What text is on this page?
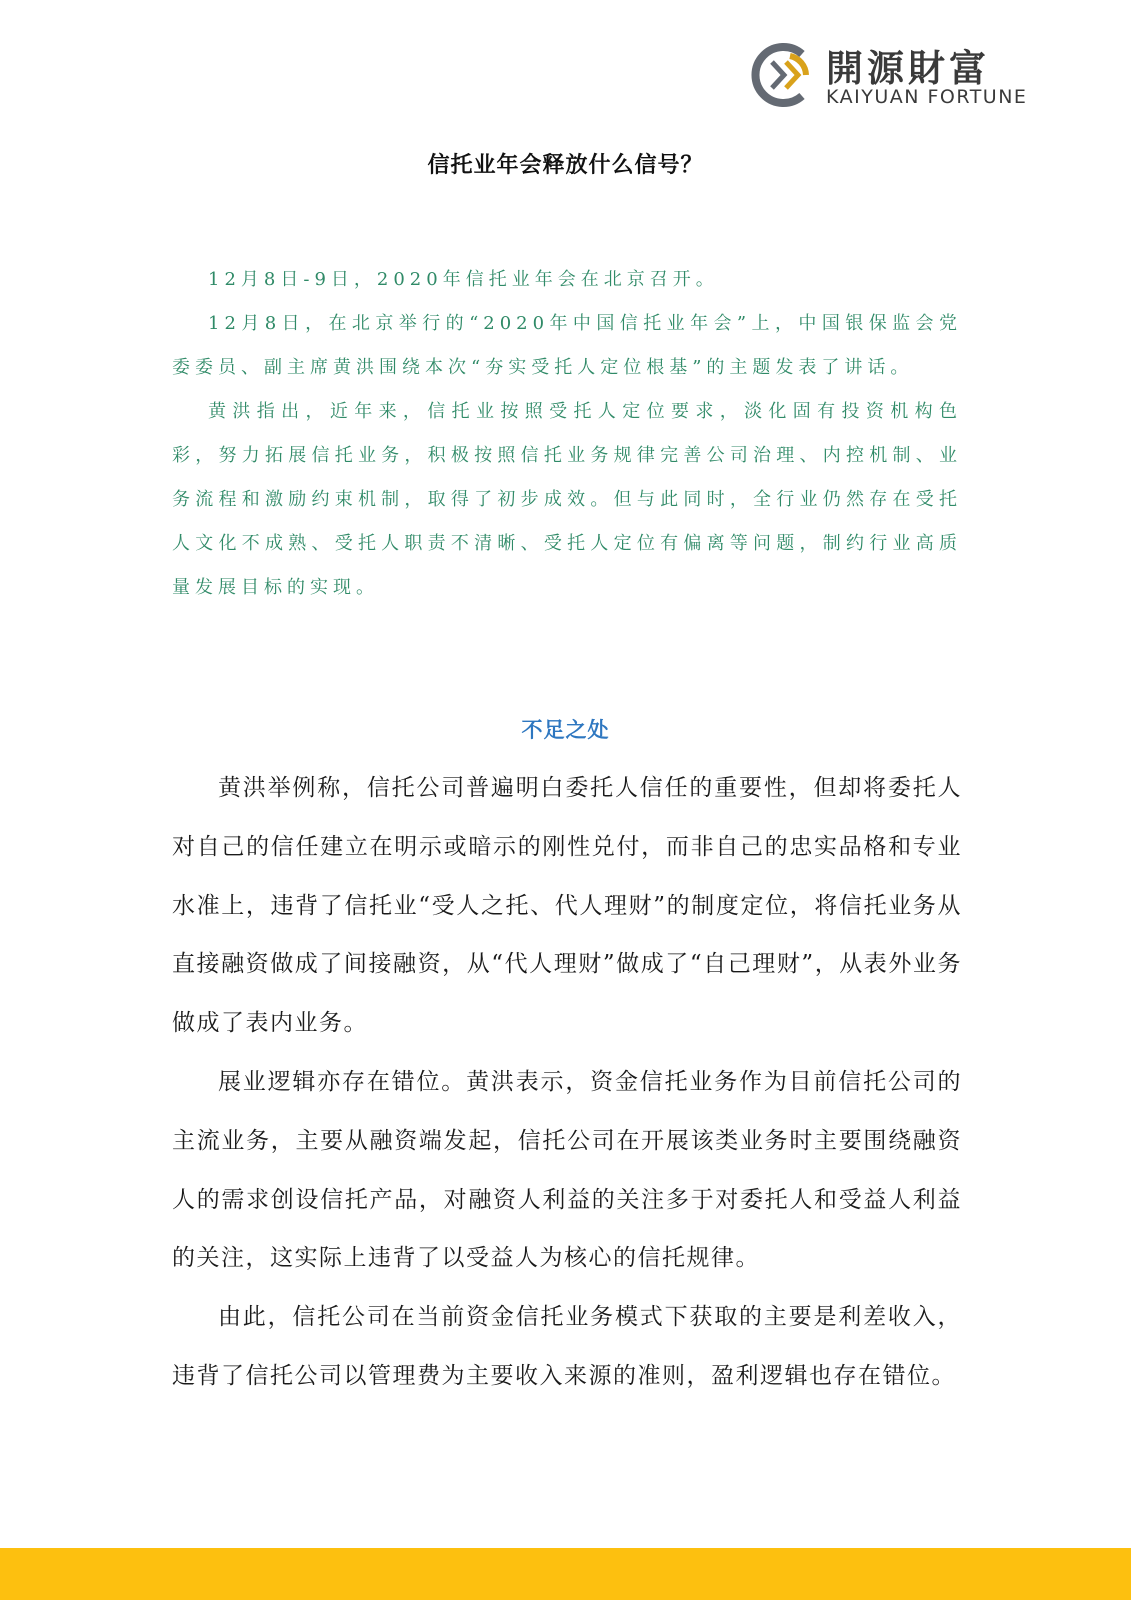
開源財富
KAIYUAN FORTUNE
信托业年会释放什么信号？

12月8日-9日，2020年信托业年会在北京召开。

12月8日，在北京举行的“2020年中国信托业年会”上，中国银保监会党委委员、副主席黄洪围绕本次“夯实受托人定位根基”的主题发表了讲话。

黄洪指出，近年来，信托业按照受托人定位要求，淡化固有投资机构色彩，努力拓展信托业务，积极按照信托业务规律完善公司治理、内控机制、业务流程和激励约束机制，取得了初步成效。但与此同时，全行业仍然存在受托人文化不成熟、受托人职责不清晰、受托人定位有偏离等问题，制约行业高质量发展目标的实现。

不足之处

黄洪举例称，信托公司普遍明白委托人信任的重要性，但却将委托人对自己的信任建立在明示或暗示的刚性兑付，而非自己的忠实品格和专业水准上，违背了信托业“受人之托、代人理财”的制度定位，将信托业务从直接融资做成了间接融资，从“代人理财”做成了“自己理财”，从表外业务做成了表内业务。

展业逻辑亦存在错位。黄洪表示，资金信托业务作为目前信托公司的主流业务，主要从融资端发起，信托公司在开展该类业务时主要围绕融资人的需求创设信托产品，对融资人利益的关注多于对委托人和受益人利益的关注，这实际上违背了以受益人为核心的信托规律。

由此，信托公司在当前资金信托业务模式下获取的主要是利差收入，违背了信托公司以管理费为主要收入来源的准则，盈利逻辑也存在错位。
